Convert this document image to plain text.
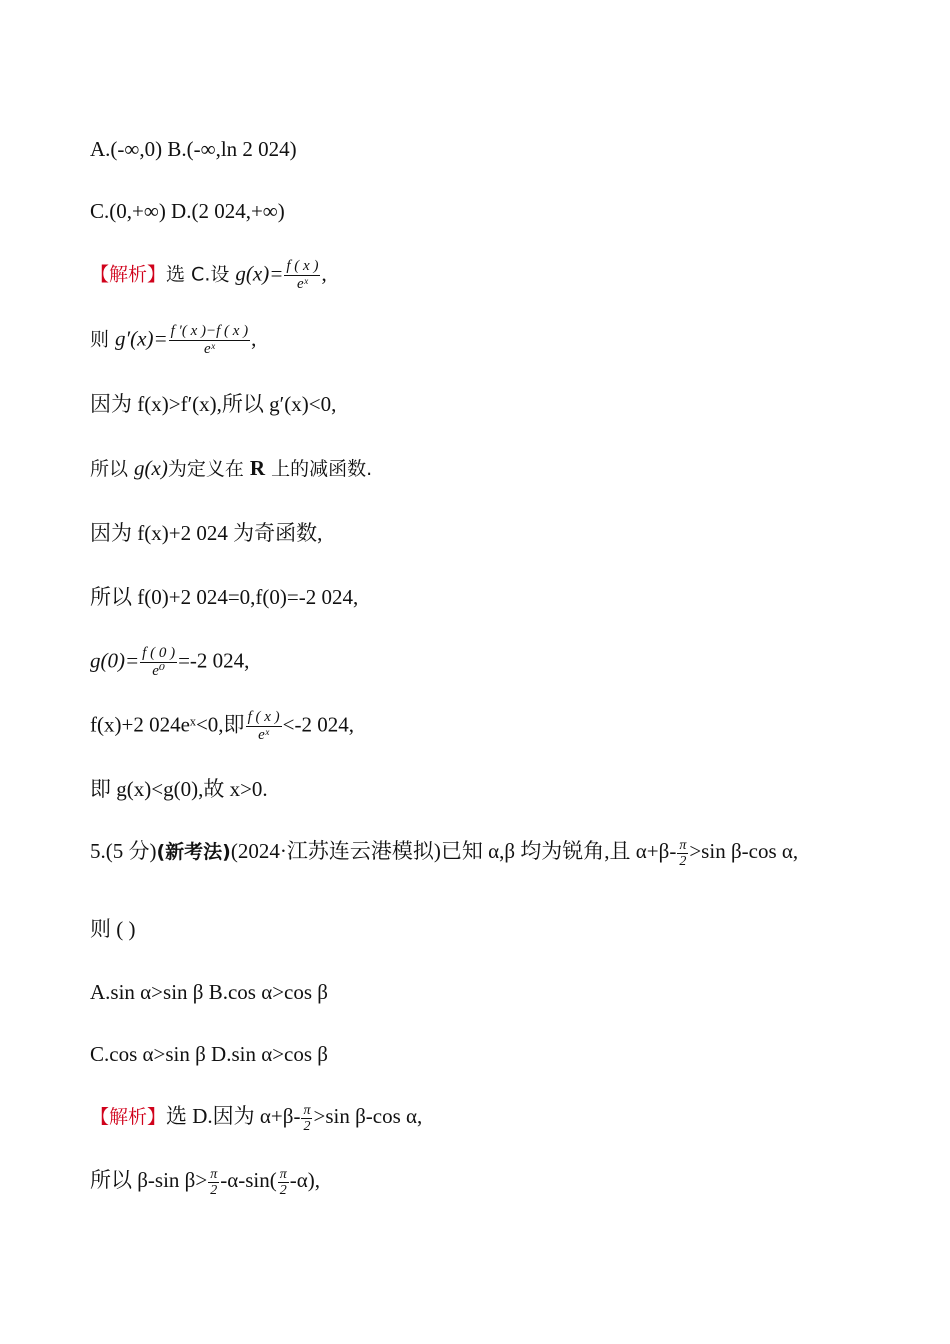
A.(-∞,0) B.(-∞,ln 2 024)
C.(0,+∞) D.(2 024,+∞)
【解析】选 C.设 $g(x)= \frac{f ( x )}{\text{eˣ}}$ ,
则 $g'(x)= \frac{f '( x )-f ( x )}{\text{eˣ}}$ ,
因为 f(x)>f′(x),所以 g′(x)<0,
所以 g(x)为定义在 R 上的减函数.
因为 f(x)+2 024 为奇函数,
所以 f(0)+2 024=0,f(0)=-2 024,
$g(0)= \frac{f ( 0 )}{\text{e⁰}} =-2$ 024,
f(x)+2 024eˣ<0,即 $\frac{f ( x )}{\text{eˣ}} <-2$ 024,
即 g(x)<g(0),故 x>0.
5.(5 分)(新考法)(2024·江苏连云港模拟)已知 α,β 均为锐角,且 $\alpha+\beta- \frac{\pi}{2} >\sin$ β-cos α,
则 ( )
A.sin α>sin β B.cos α>cos β
C.cos α>sin β D.sin α>cos β
【解析】选 D.因为 $\alpha+\beta- \frac{\pi}{2} >\sin$ β-cos α,
所以 β-sin $\beta> \frac{\pi}{2} -\alpha-\sin( \frac{\pi}{2} -\alpha)$,
